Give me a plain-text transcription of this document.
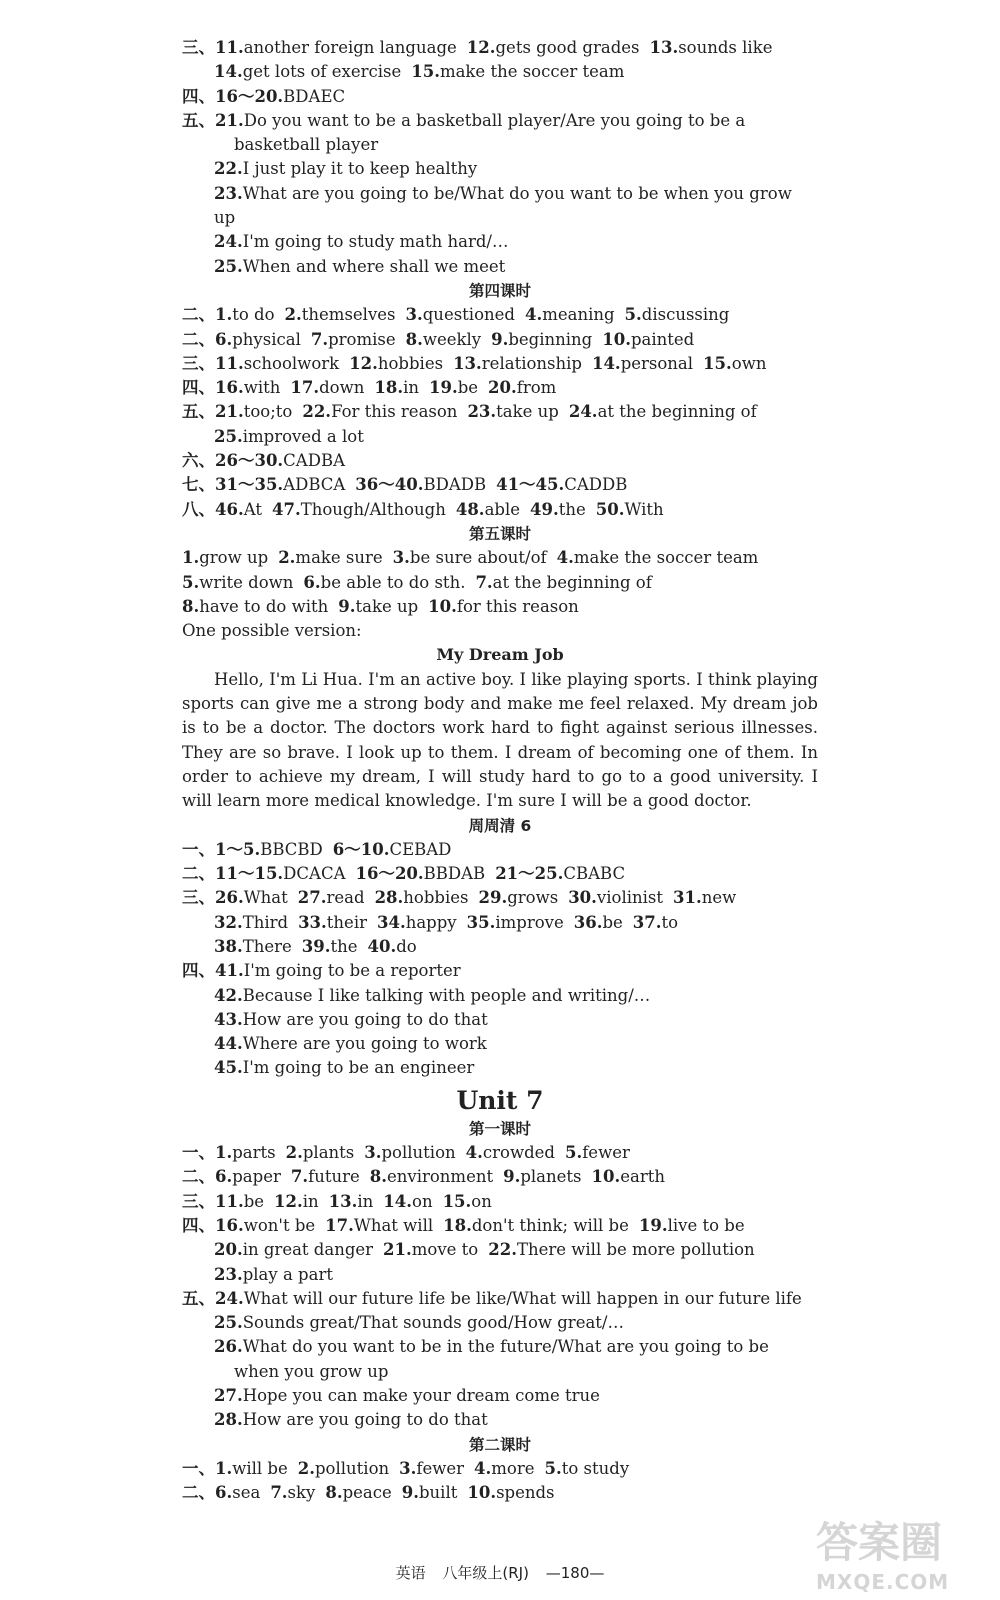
三、11.another foreign language 12.gets good grades 13.sounds like
14.get lots of exercise 15.make the soccer team
四、16～20.BDAEC
五、21.Do you want to be a basketball player/Are you going to be a
basketball player
22.I just play it to keep healthy
23.What are you going to be/What do you want to be when you grow
up
24.I'm going to study math hard/…
25.When and where shall we meet
第四课时
二、1.to do 2.themselves 3.questioned 4.meaning 5.discussing
二、6.physical 7.promise 8.weekly 9.beginning 10.painted
三、11.schoolwork 12.hobbies 13.relationship 14.personal 15.own
四、16.with 17.down 18.in 19.be 20.from
五、21.too;to 22.For this reason 23.take up 24.at the beginning of
25.improved a lot
六、26～30.CADBA
七、31～35.ADBCA 36～40.BDADB 41～45.CADDB
八、46.At 47.Though/Although 48.able 49.the 50.With
第五课时
1.grow up 2.make sure 3.be sure about/of 4.make the soccer team
5.write down 6.be able to do sth. 7.at the beginning of
8.have to do with 9.take up 10.for this reason
One possible version:
My Dream Job
Hello, I'm Li Hua. I'm an active boy. I like playing sports. I think playing sports can give me a strong body and make me feel relaxed. My dream job is to be a doctor. The doctors work hard to fight against serious illnesses. They are so brave. I look up to them. I dream of becoming one of them. In order to achieve my dream, I will study hard to go to a good university. I will learn more medical knowledge. I'm sure I will be a good doctor.
周周清 6
一、1～5.BBCBD 6～10.CEBAD
二、11～15.DCACA 16～20.BBDAB 21～25.CBABC
三、26.What 27.read 28.hobbies 29.grows 30.violinist 31.new
32.Third 33.their 34.happy 35.improve 36.be 37.to
38.There 39.the 40.do
四、41.I'm going to be a reporter
42.Because I like talking with people and writing/…
43.How are you going to do that
44.Where are you going to work
45.I'm going to be an engineer
Unit 7
第一课时
一、1.parts 2.plants 3.pollution 4.crowded 5.fewer
二、6.paper 7.future 8.environment 9.planets 10.earth
三、11.be 12.in 13.in 14.on 15.on
四、16.won't be 17.What will 18.don't think; will be 19.live to be
20.in great danger 21.move to 22.There will be more pollution
23.play a part
五、24.What will our future life be like/What will happen in our future life
25.Sounds great/That sounds good/How great/…
26.What do you want to be in the future/What are you going to be
when you grow up
27.Hope you can make your dream come true
28.How are you going to do that
第二课时
一、1.will be 2.pollution 3.fewer 4.more 5.to study
二、6.sea 7.sky 8.peace 9.built 10.spends
英语 八年级上(RJ) —180—
答案圈
MXQE.COM
